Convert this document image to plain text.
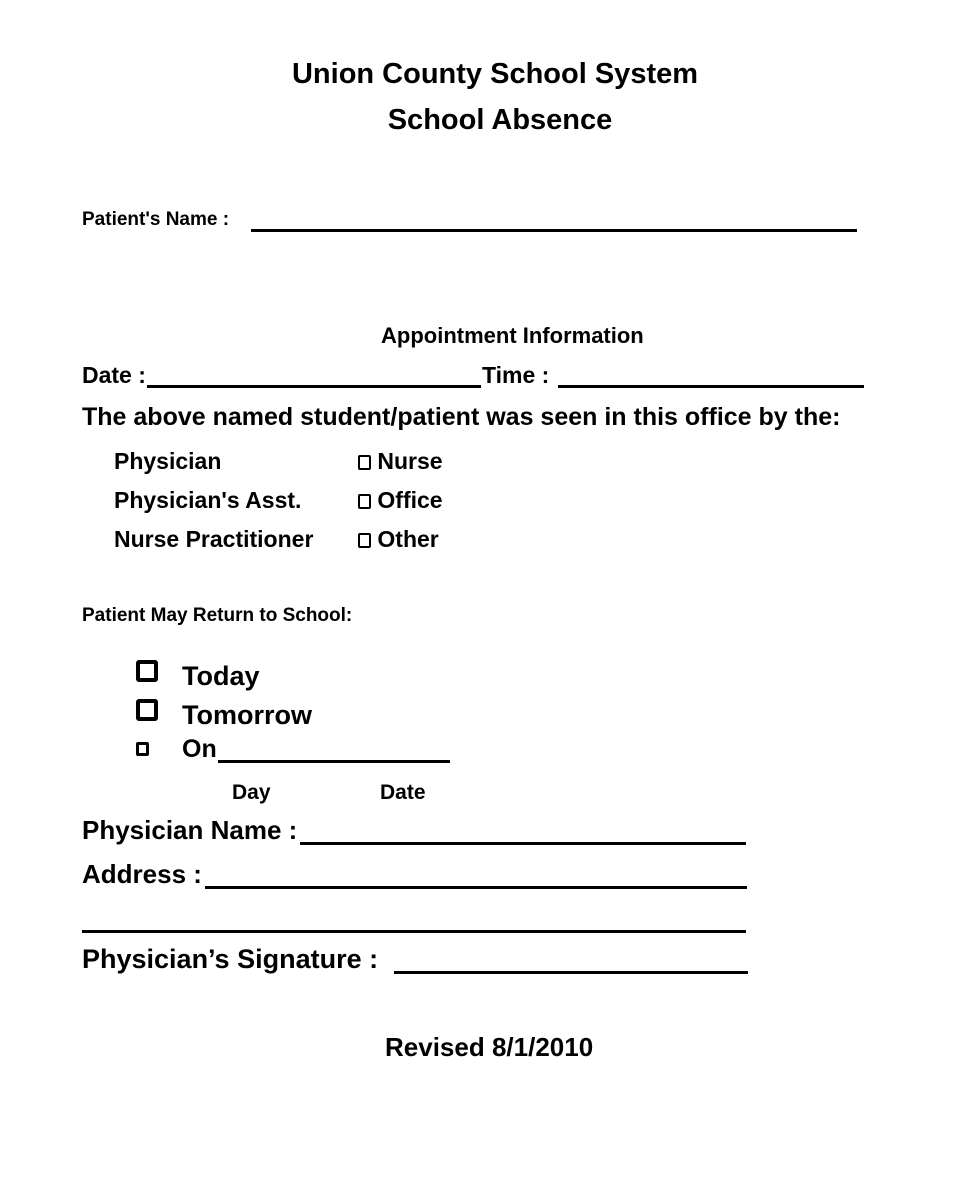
Union County School System
School Absence
Patient's Name :
Appointment Information
Date :	Time :
The above named student/patient was seen in this office by the:
Physician
Physician's Asst.
Nurse Practitioner
Nurse
Office
Other
Patient May Return to School:
Today
Tomorrow
On
Day	Date
Physician Name :
Address :
Physician’s Signature :
Revised 8/1/2010
